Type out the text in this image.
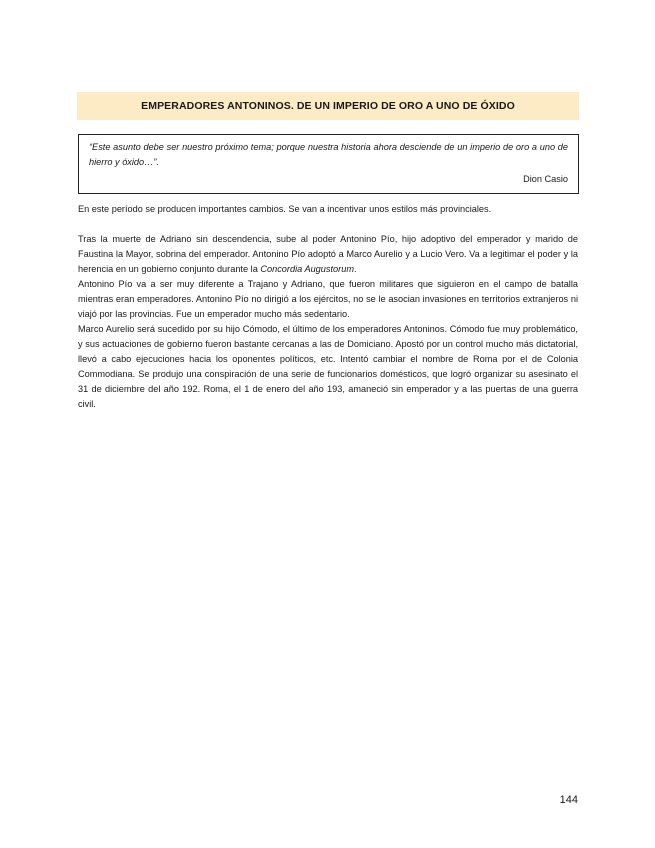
EMPERADORES ANTONINOS. DE UN IMPERIO DE ORO A UNO DE ÓXIDO
“Este asunto debe ser nuestro próximo tema; porque nuestra historia ahora desciende de un imperio de oro a uno de hierro y óxido…”.
Dion Casio

En este período se producen importantes cambios. Se van a incentivar unos estilos más provinciales.

Tras la muerte de Adriano sin descendencia, sube al poder Antonino Pío, hijo adoptivo del emperador y marido de Faustina la Mayor, sobrina del emperador. Antonino Pío adoptó a Marco Aurelio y a Lucio Vero. Va a legitimar el poder y la herencia en un gobierno conjunto durante la Concordia Augustorum.

Antonino Pío va a ser muy diferente a Trajano y Adriano, que fueron militares que siguieron en el campo de batalla mientras eran emperadores. Antonino Pío no dirigió a los ejércitos, no se le asocian invasiones en territorios extranjeros ni viajó por las provincias. Fue un emperador mucho más sedentario.

Marco Aurelio será sucedido por su hijo Cómodo, el último de los emperadores Antoninos. Cómodo fue muy problemático, y sus actuaciones de gobierno fueron bastante cercanas a las de Domiciano. Apostó por un control mucho más dictatorial, llevó a cabo ejecuciones hacia los oponentes políticos, etc. Intentó cambiar el nombre de Roma por el de Colonia Commodiana. Se produjo una conspiración de una serie de funcionarios domésticos, que logró organizar su asesinato el 31 de diciembre del año 192. Roma, el 1 de enero del año 193, amaneció sin emperador y a las puertas de una guerra civil.

144
